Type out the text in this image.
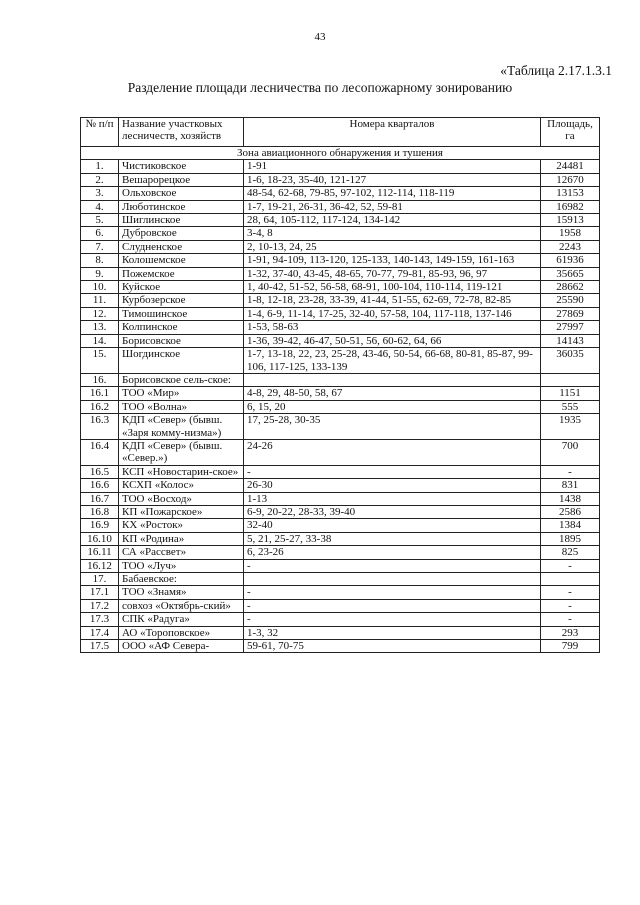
43
«Таблица 2.17.1.3.1
Разделение площади лесничества по лесопожарному зонированию
№ п/п	Название участковых лесничеств, хозяйств	Номера кварталов	Площадь, га
Зона авиационного обнаружения и тушения			
1.	Чистиковское	1-91	24481
2.	Вешарорецкое	1-6, 18-23, 35-40, 121-127	12670
3.	Ольховское	48-54, 62-68, 79-85, 97-102, 112-114, 118-119	13153
4.	Люботинское	1-7, 19-21, 26-31, 36-42, 52, 59-81	16982
5.	Шиглинское	28, 64, 105-112, 117-124, 134-142	15913
6.	Дубровское	3-4, 8	1958
7.	Слудненское	2, 10-13, 24, 25	2243
8.	Колошемское	1-91, 94-109, 113-120, 125-133, 140-143, 149-159, 161-163	61936
9.	Пожемское	1-32, 37-40, 43-45, 48-65, 70-77, 79-81, 85-93, 96, 97	35665
10.	Куйское	1, 40-42, 51-52, 56-58, 68-91, 100-104, 110-114, 119-121	28662
11.	Курбозерское	1-8, 12-18, 23-28, 33-39, 41-44, 51-55, 62-69, 72-78, 82-85	25590
12.	Тимошинское	1-4, 6-9, 11-14, 17-25, 32-40, 57-58, 104, 117-118, 137-146	27869
13.	Колпинское	1-53, 58-63	27997
14.	Борисовское	1-36, 39-42, 46-47, 50-51, 56, 60-62, 64, 66	14143
15.	Шогдинское	1-7, 13-18, 22, 23, 25-28, 43-46, 50-54, 66-68, 80-81, 85-87, 99-106, 117-125, 133-139	36035
16.	Борисовское сель-ское:		
16.1	ТОО «Мир»	4-8, 29, 48-50, 58, 67	1151
16.2	ТОО «Волна»	6, 15, 20	555
16.3	КДП «Север» (бывш. «Заря комму-низма»)	17, 25-28, 30-35	1935
16.4	КДП «Север» (бывш. «Север.»)	24-26	700
16.5	КСП «Новостарин-ское»	-	-
16.6	КСХП «Колос»	26-30	831
16.7	ТОО «Восход»	1-13	1438
16.8	КП «Пожарское»	6-9, 20-22, 28-33, 39-40	2586
16.9	КХ «Росток»	32-40	1384
16.10	КП «Родина»	5, 21, 25-27, 33-38	1895
16.11	СА «Рассвет»	6, 23-26	825
16.12	ТОО «Луч»	-	-
17.	Бабаевское:		
17.1	ТОО «Знамя»	-	-
17.2	совхоз «Октябрь-ский»	-	-
17.3	СПК «Радуга»	-	-
17.4	АО «Тороповское»	1-3, 32	293
17.5	ООО «АФ Севера-	59-61, 70-75	799
